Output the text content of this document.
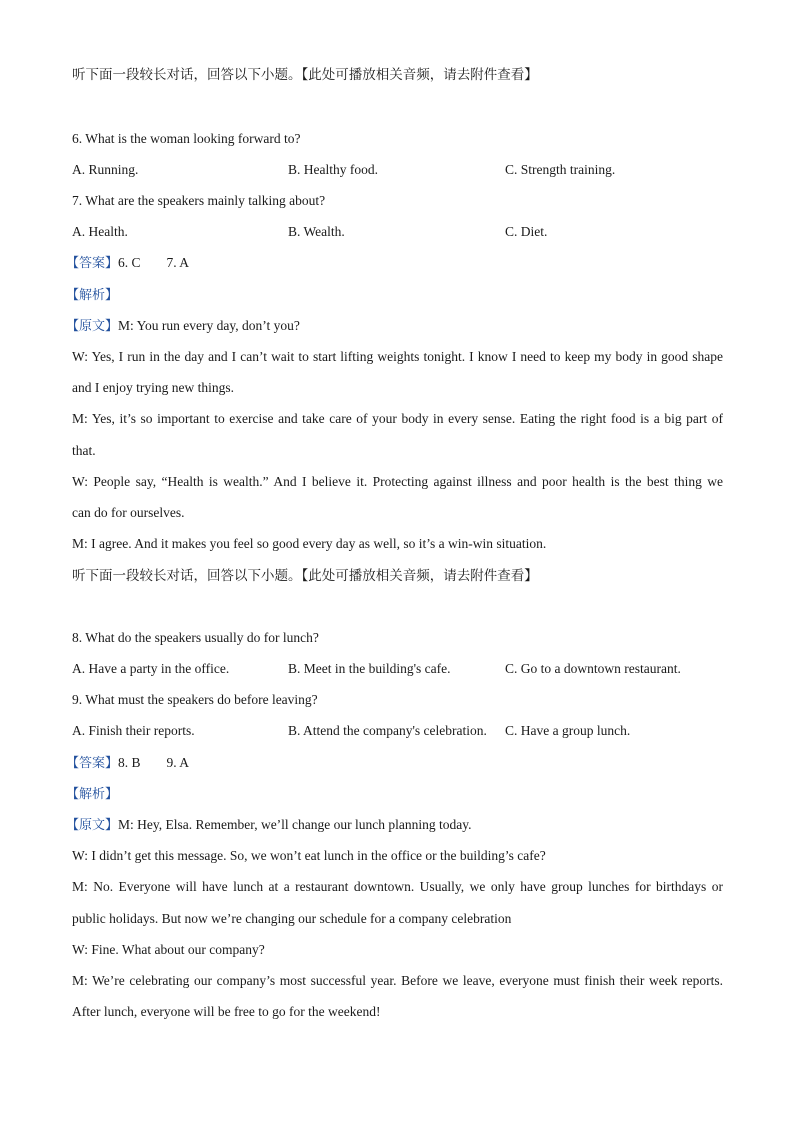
听下面一段较长对话，回答以下小题。【此处可播放相关音频，请去附件查看】
6. What is the woman looking forward to?
A. Running.	B. Healthy food.	C. Strength training.
7. What are the speakers mainly talking about?
A. Health.	B. Wealth.	C. Diet.
【答案】6. C 7. A
【解析】
【原文】M: You run every day, don’t you?
W: Yes, I run in the day and I can’t wait to start lifting weights tonight. I know I need to keep my body in good shape
and I enjoy trying new things.
M: Yes, it’s so important to exercise and take care of your body in every sense. Eating the right food is a big part of
that.
W: People say, “Health is wealth.” And I believe it. Protecting against illness and poor health is the best thing we
can do for ourselves.
M: I agree. And it makes you feel so good every day as well, so it’s a win-win situation.
听下面一段较长对话，回答以下小题。【此处可播放相关音频，请去附件查看】
8. What do the speakers usually do for lunch?
A. Have a party in the office.	B. Meet in the building's cafe.	C. Go to a downtown restaurant.
9. What must the speakers do before leaving?
A. Finish their reports.	B. Attend the company's celebration. C. Have a group lunch.
【答案】8. B 9. A
【解析】
【原文】M: Hey, Elsa. Remember, we’ll change our lunch planning today.
W: I didn’t get this message. So, we won’t eat lunch in the office or the building’s cafe?
M: No. Everyone will have lunch at a restaurant downtown. Usually, we only have group lunches for birthdays or
public holidays. But now we’re changing our schedule for a company celebration
W: Fine. What about our company?
M: We’re celebrating our company’s most successful year. Before we leave, everyone must finish their week reports.
After lunch, everyone will be free to go for the weekend!
